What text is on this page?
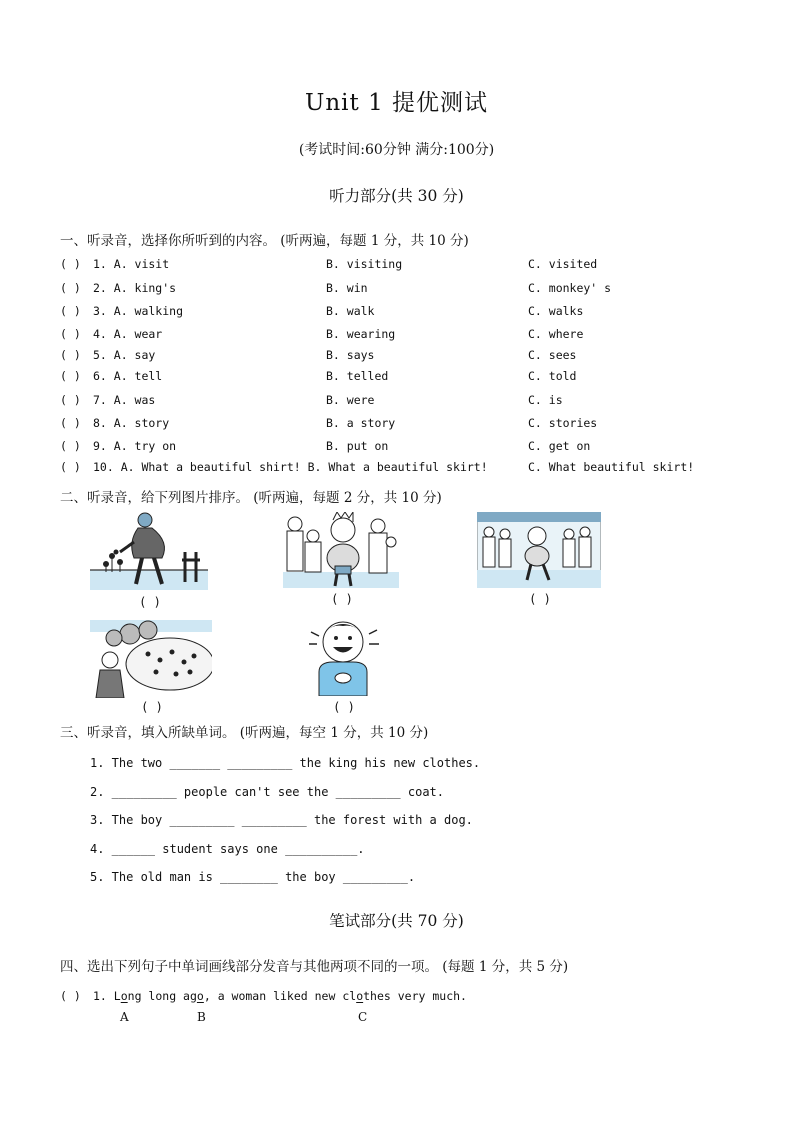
Unit 1 提优测试
(考试时间:60分钟 满分:100分)
听力部分(共 30 分)
一、听录音，选择你所听到的内容。 (听两遍，每题 1 分，共 10 分)
( )	1. A. visit	B. visiting	C. visited
( )	2. A. king's	B. win	C. monkey' s
( )	3. A. walking	B. walk	C. walks
( )	4. A. wear	B. wearing	C. where
( )	5. A. say	B. says	C. sees
( )	6. A. tell	B. telled	C. told
( )	7. A. was	B. were	C. is
( )	8. A. story	B. a story	C. stories
( )	9. A. try on	B. put on	C. get on
( )	10. A. What a beautiful shirt! B. What a beautiful skirt!	C. What beautiful skirt!
二、听录音，给下列图片排序。 (听两遍，每题 2 分，共 10 分)
( )	( )	( )
( )	( )
三、听录音，填入所缺单词。 (听两遍，每空 1 分，共 10 分)
1. The two _______ _________ the king his new clothes.
2. _________ people can't see the _________ coat.
3. The boy _________ _________ the forest with a dog.
4. ______ student says one __________.
5. The old man is ________ the boy _________.
笔试部分(共 70 分)
四、选出下列句子中单词画线部分发音与其他两项不同的一项。 (每题 1 分，共 5 分)
( )	1. Long long ago, a woman liked new clothes very much.
A	B	C
